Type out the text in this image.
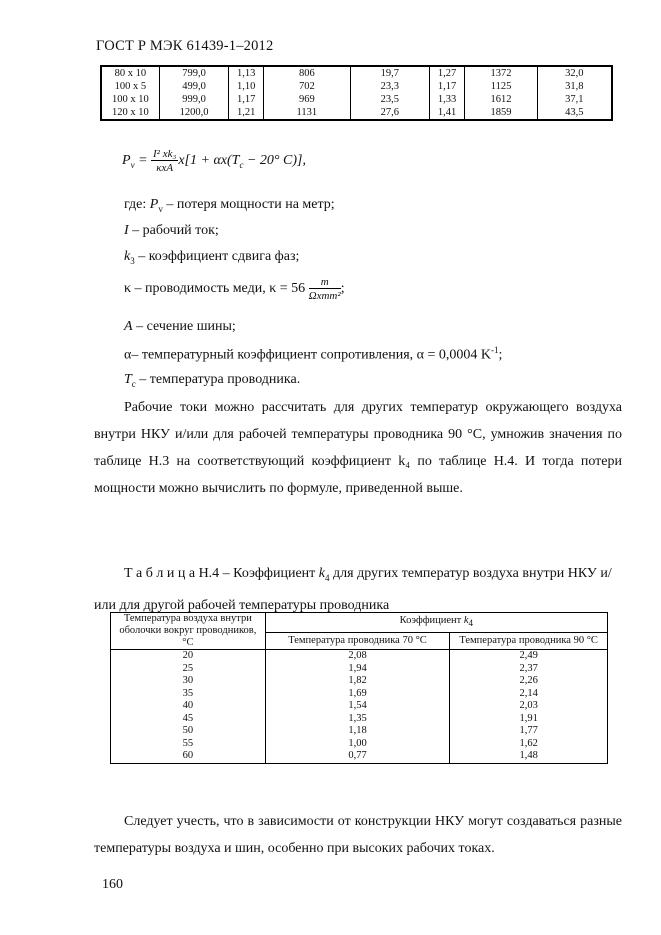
ГОСТ Р МЭК 61439-1–2012
80 x 10	799,0	1,13	806	19,7	1,27	1372	32,0
100 x 5	499,0	1,10	702	23,3	1,17	1125	31,8
100 x 10	999,0	1,17	969	23,5	1,33	1612	37,1
120 x 10	1200,0	1,21	1131	27,6	1,41	1859	43,5
$P_v = \frac{\text{I² xk₃}}{\text{κxA}} x[1 + \alpha x(T_c - 20^\circ$ C)],
где: $P_v$ – потеря мощности на метр;
I – рабочий ток;
$k_3$ – коэффициент сдвига фаз;
κ – проводимость меди, $\kappa = 56 \frac{m}{\text{Ωxmm²}}$ ;
A – сечение шины;
α– температурный коэффициент сопротивления, α = 0,0004 $K^{-1}$;
$T_c$ – температура проводника.

Рабочие токи можно рассчитать для других температур окружающего воздуха внутри НКУ и/или для рабочей температуры проводника 90 °С, умножив значения по таблице Н.3 на соответствующий коэффициент k₄ по таблице Н.4. И тогда потери мощности можно вычислить по формуле, приведенной выше.

Т а б л и ц а Н.4 – Коэффициент $k_4$ для других температур воздуха внутри НКУ и/или для другой рабочей температуры проводника
Температура воздуха внутри оболочки вокруг проводников, °С	Коэффициент $k_4$
	Температура проводника 70 °С	Температура проводника 90 °С
20	2,08	2,49
25	1,94	2,37
30	1,82	2,26
35	1,69	2,14
40	1,54	2,03
45	1,35	1,91
50	1,18	1,77
55	1,00	1,62
60	0,77	1,48

Следует учесть, что в зависимости от конструкции НКУ могут создаваться разные температуры воздуха и шин, особенно при высоких рабочих токах.

160
